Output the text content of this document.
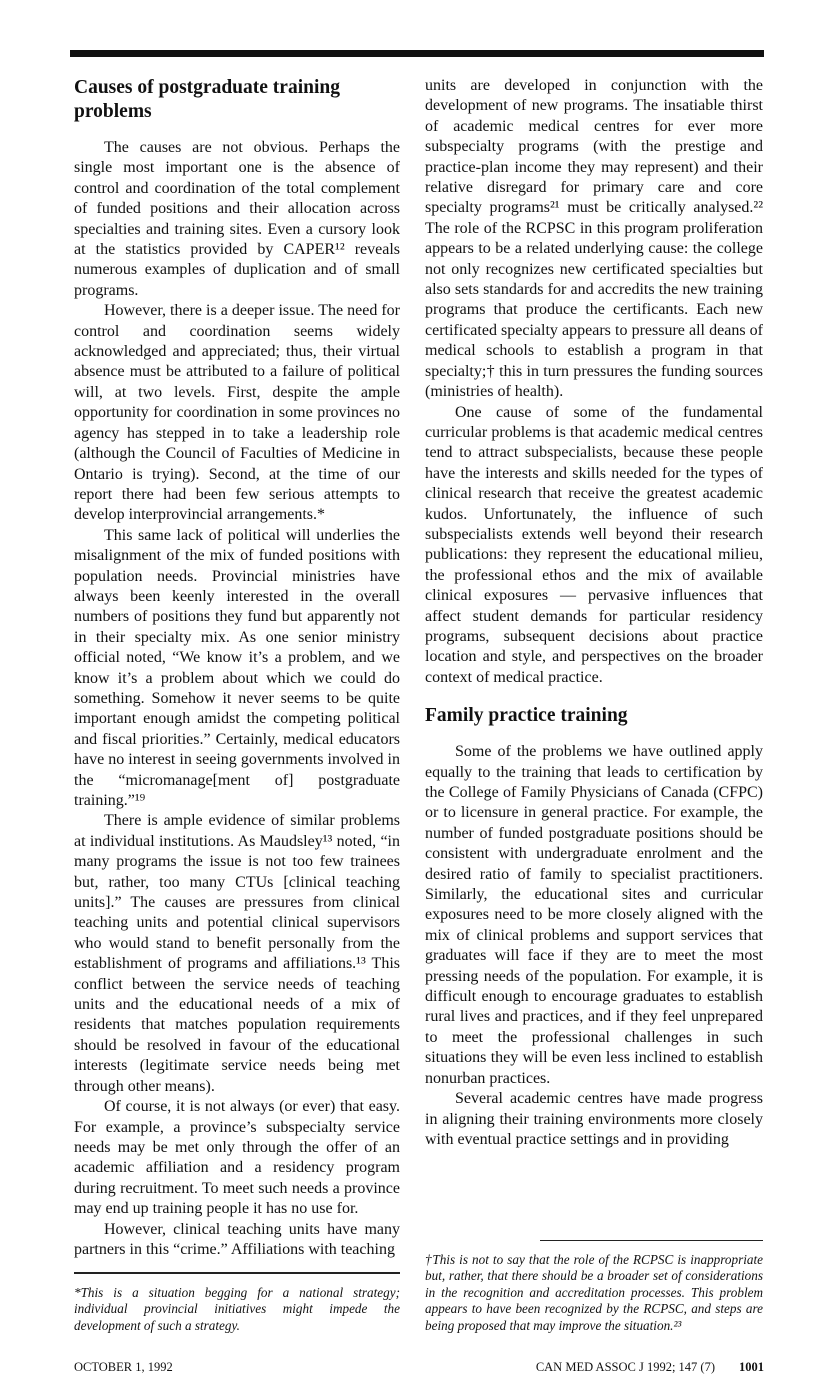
Causes of postgraduate training problems

The causes are not obvious. Perhaps the single most important one is the absence of control and coordination of the total complement of funded positions and their allocation across specialties and training sites. Even a cursory look at the statistics provided by CAPER¹² reveals numerous examples of duplication and of small programs.

However, there is a deeper issue. The need for control and coordination seems widely acknowledged and appreciated; thus, their virtual absence must be attributed to a failure of political will, at two levels. First, despite the ample opportunity for coordination in some provinces no agency has stepped in to take a leadership role (although the Council of Faculties of Medicine in Ontario is trying). Second, at the time of our report there had been few serious attempts to develop interprovincial arrangements.*

This same lack of political will underlies the misalignment of the mix of funded positions with population needs. Provincial ministries have always been keenly interested in the overall numbers of positions they fund but apparently not in their specialty mix. As one senior ministry official noted, “We know it’s a problem, and we know it’s a problem about which we could do something. Somehow it never seems to be quite important enough amidst the competing political and fiscal priorities.” Certainly, medical educators have no interest in seeing governments involved in the “micromanage[ment of] postgraduate training.”¹⁹

There is ample evidence of similar problems at individual institutions. As Maudsley¹³ noted, “in many programs the issue is not too few trainees but, rather, too many CTUs [clinical teaching units].” The causes are pressures from clinical teaching units and potential clinical supervisors who would stand to benefit personally from the establishment of programs and affiliations.¹³ This conflict between the service needs of teaching units and the educational needs of a mix of residents that matches population requirements should be resolved in favour of the educational interests (legitimate service needs being met through other means).

Of course, it is not always (or ever) that easy. For example, a province’s subspecialty service needs may be met only through the offer of an academic affiliation and a residency program during recruitment. To meet such needs a province may end up training people it has no use for.

However, clinical teaching units have many partners in this “crime.” Affiliations with teaching

*This is a situation begging for a national strategy; individual provincial initiatives might impede the development of such a strategy.

units are developed in conjunction with the development of new programs. The insatiable thirst of academic medical centres for ever more subspecialty programs (with the prestige and practice-plan income they may represent) and their relative disregard for primary care and core specialty programs²¹ must be critically analysed.²² The role of the RCPSC in this program proliferation appears to be a related underlying cause: the college not only recognizes new certificated specialties but also sets standards for and accredits the new training programs that produce the certificants. Each new certificated specialty appears to pressure all deans of medical schools to establish a program in that specialty;† this in turn pressures the funding sources (ministries of health).

One cause of some of the fundamental curricular problems is that academic medical centres tend to attract subspecialists, because these people have the interests and skills needed for the types of clinical research that receive the greatest academic kudos. Unfortunately, the influence of such subspecialists extends well beyond their research publications: they represent the educational milieu, the professional ethos and the mix of available clinical exposures — pervasive influences that affect student demands for particular residency programs, subsequent decisions about practice location and style, and perspectives on the broader context of medical practice.

Family practice training

Some of the problems we have outlined apply equally to the training that leads to certification by the College of Family Physicians of Canada (CFPC) or to licensure in general practice. For example, the number of funded postgraduate positions should be consistent with undergraduate enrolment and the desired ratio of family to specialist practitioners. Similarly, the educational sites and curricular exposures need to be more closely aligned with the mix of clinical problems and support services that graduates will face if they are to meet the most pressing needs of the population. For example, it is difficult enough to encourage graduates to establish rural lives and practices, and if they feel unprepared to meet the professional challenges in such situations they will be even less inclined to establish nonurban practices.

Several academic centres have made progress in aligning their training environments more closely with eventual practice settings and in providing

†This is not to say that the role of the RCPSC is inappropriate but, rather, that there should be a broader set of considerations in the recognition and accreditation processes. This problem appears to have been recognized by the RCPSC, and steps are being proposed that may improve the situation.²³
OCTOBER 1, 1992	CAN MED ASSOC J 1992; 147 (7) 1001
